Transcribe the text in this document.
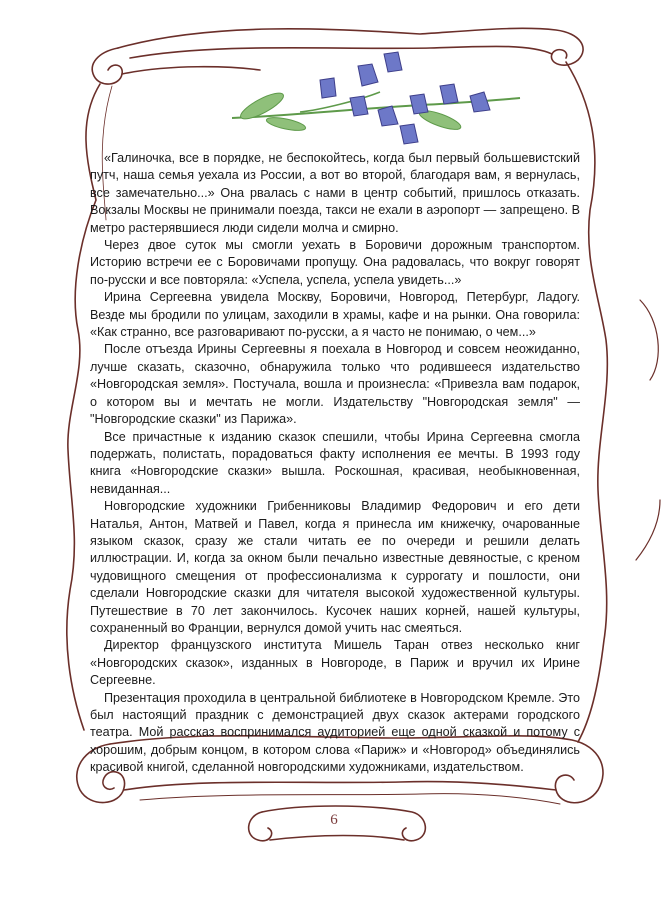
«Галиночка, все в порядке, не беспокойтесь, когда был первый большевистский путч, наша семья уехала из России, а вот во второй, благодаря вам, я вернулась, все замечательно...» Она рвалась с нами в центр событий, пришлось отказать. Вокзалы Москвы не принимали поезда, такси не ехали в аэропорт — запрещено. В метро растерявшиеся люди сидели молча и смирно.

Через двое суток мы смогли уехать в Боровичи дорожным транспортом. Историю встречи ее с Боровичами пропущу. Она радовалась, что вокруг говорят по-русски и все повторяла: «Успела, успела, успела увидеть...»

Ирина Сергеевна увидела Москву, Боровичи, Новгород, Петербург, Ладогу. Везде мы бродили по улицам, заходили в храмы, кафе и на рынки. Она говорила: «Как странно, все разговаривают по-русски, а я часто не понимаю, о чем...»

После отъезда Ирины Сергеевны я поехала в Новгород и совсем неожиданно, лучше сказать, сказочно, обнаружила только что родившееся издательство «Новгородская земля». Постучала, вошла и произнесла: «Привезла вам подарок, о котором вы и мечтать не могли. Издательству "Новгородская земля" — "Новгородские сказки" из Парижа».

Все причастные к изданию сказок спешили, чтобы Ирина Сергеевна смогла подержать, полистать, порадоваться факту исполнения ее мечты. В 1993 году книга «Новгородские сказки» вышла. Роскошная, красивая, необыкновенная, невиданная...

Новгородские художники Грибенниковы Владимир Федорович и его дети Наталья, Антон, Матвей и Павел, когда я принесла им книжечку, очарованные языком сказок, сразу же стали читать ее по очереди и решили делать иллюстрации. И, когда за окном были печально известные девяностые, с креном чудовищного смещения от профессионализма к суррогату и пошлости, они сделали Новгородские сказки для читателя высокой художественной культуры. Путешествие в 70 лет закончилось. Кусочек наших корней, нашей культуры, сохраненный во Франции, вернулся домой учить нас смеяться.

Директор французского института Мишель Таран отвез несколько книг «Новгородских сказок», изданных в Новгороде, в Париж и вручил их Ирине Сергеевне.

Презентация проходила в центральной библиотеке в Новгородском Кремле. Это был настоящий праздник с демонстрацией двух сказок актерами городского театра. Мой рассказ воспринимался аудиторией еще одной сказкой и потому с хорошим, добрым концом, в котором слова «Париж» и «Новгород» объединялись красивой книгой, сделанной новгородскими художниками, издательством.

6
